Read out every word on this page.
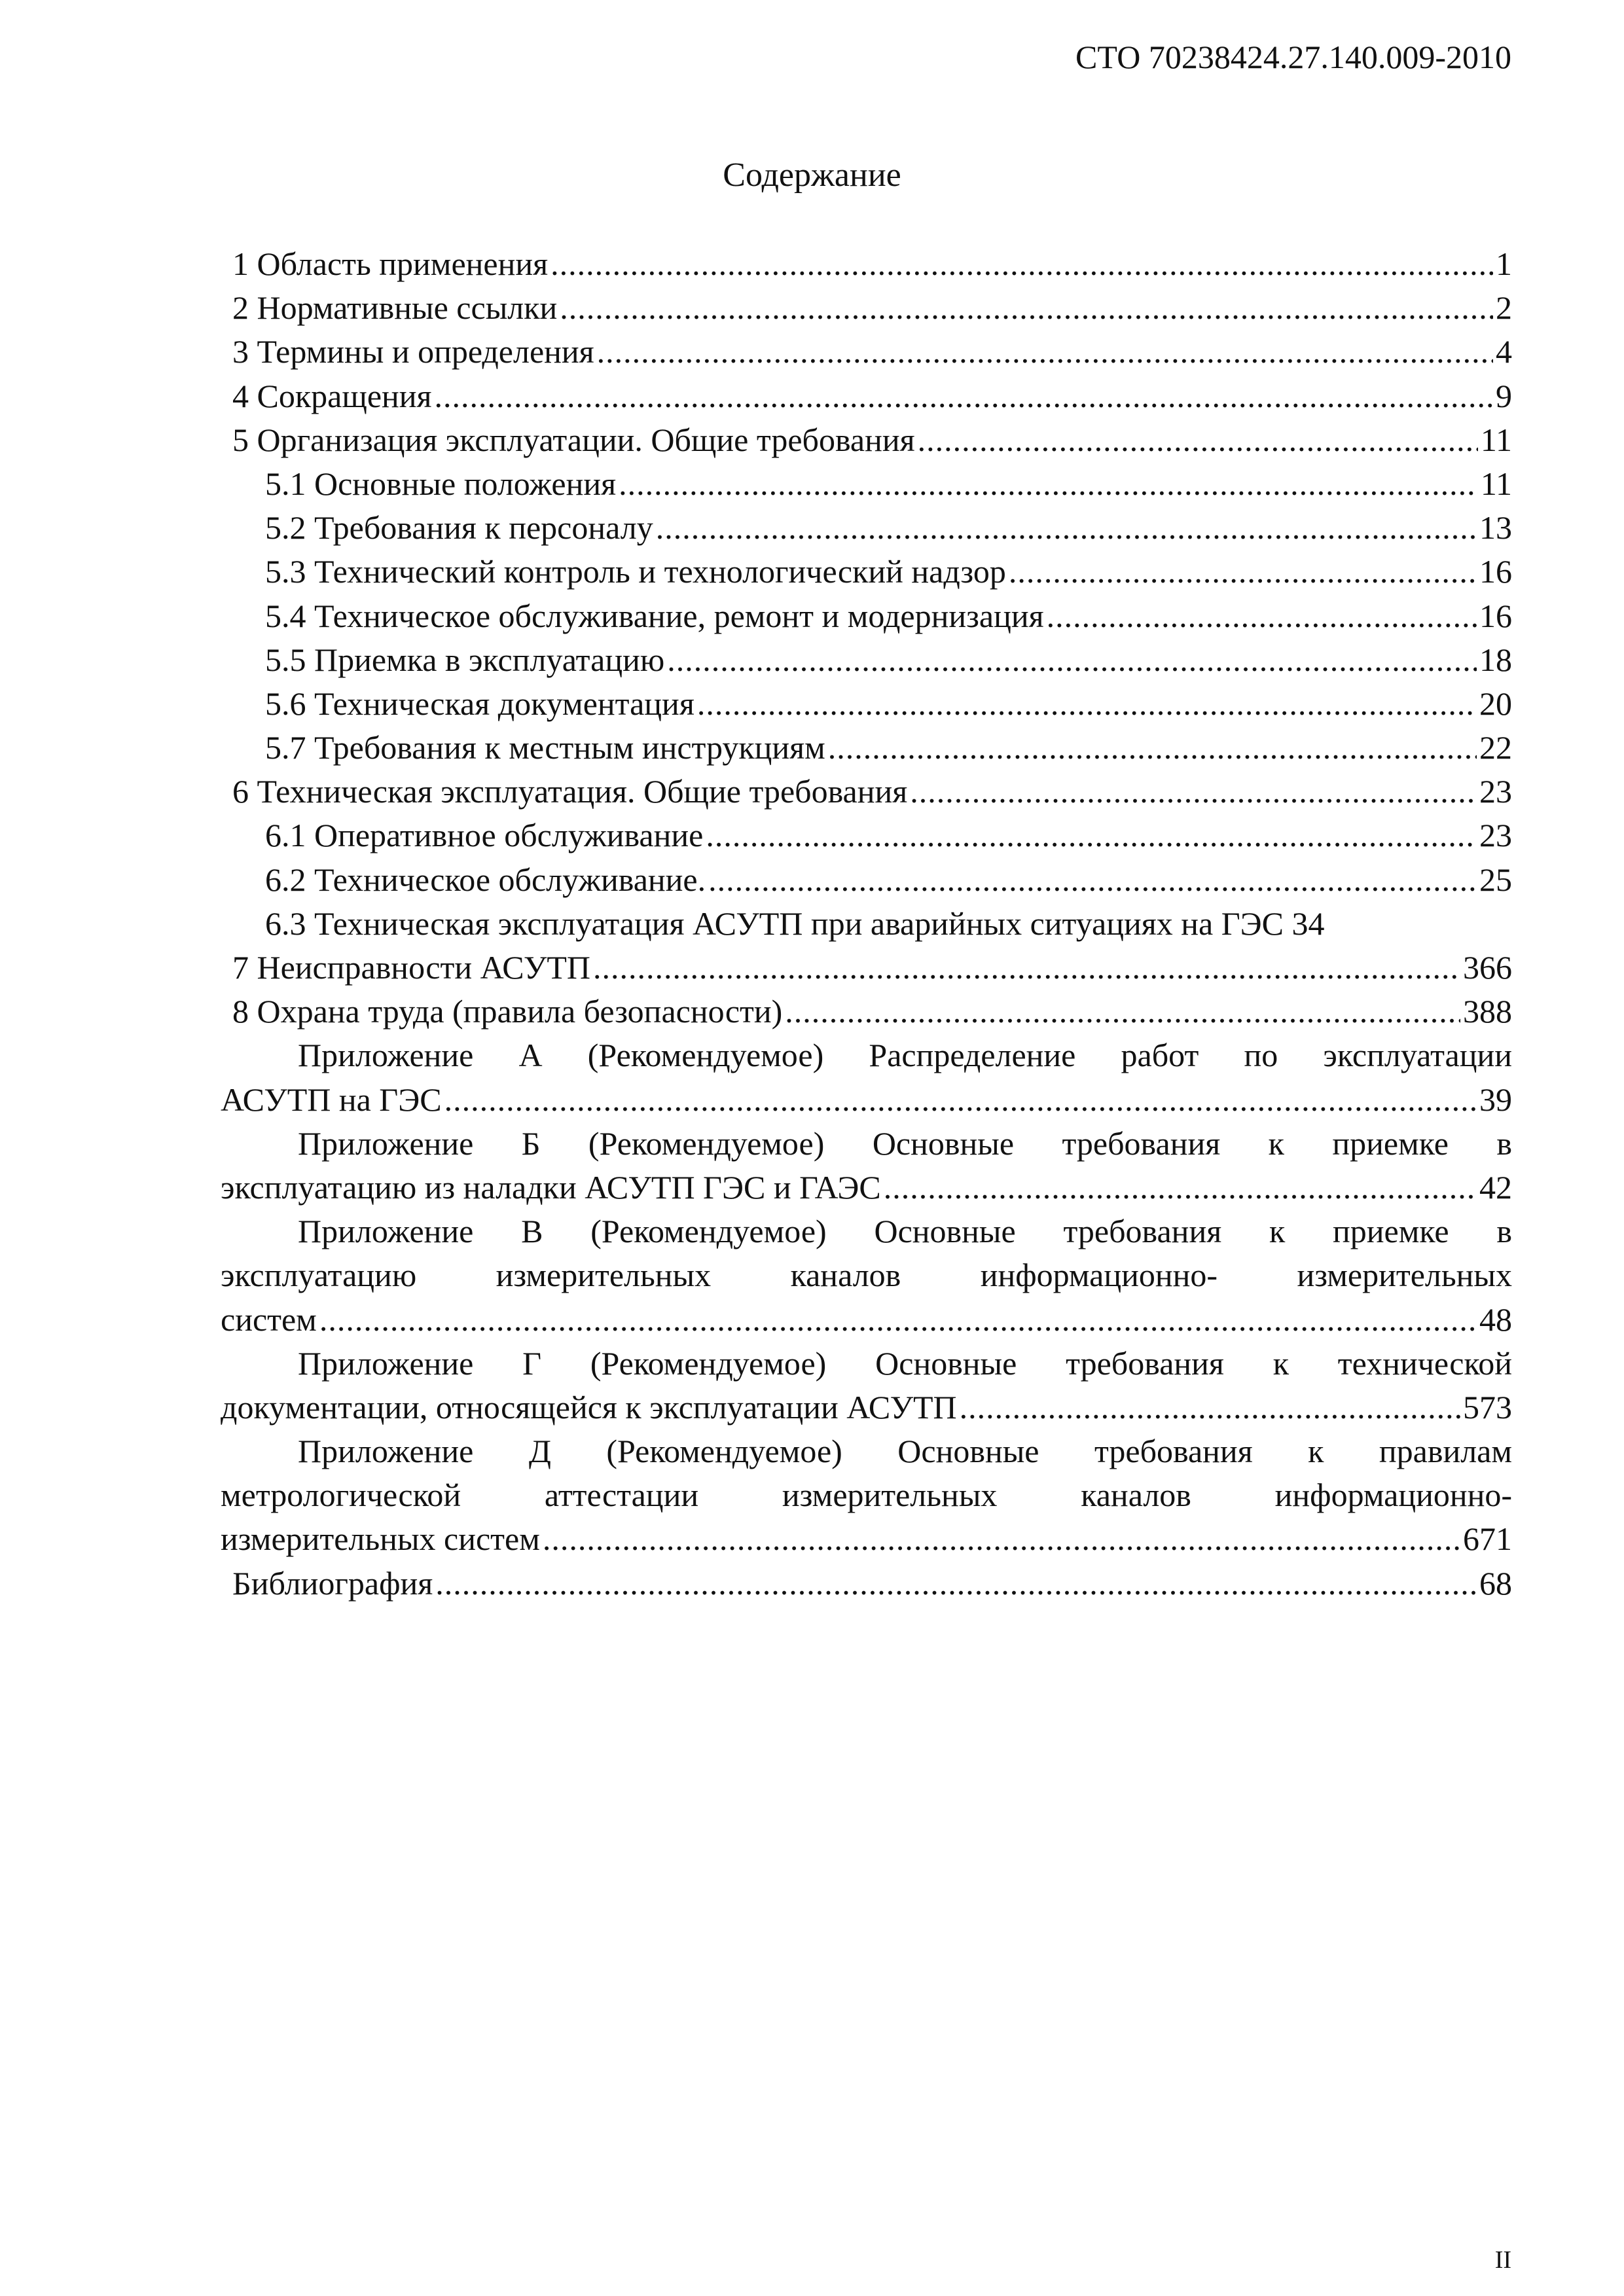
СТО 70238424.27.140.009-2010
Содержание
1 Область применения .....	1
2 Нормативные ссылки .....	2
3 Термины и определения .....	4
4 Сокращения .....	9
5 Организация эксплуатации. Общие требования .....	11
5.1 Основные положения .....	11
5.2 Требования к персоналу .....	13
5.3 Технический контроль и технологический надзор .....	16
5.4 Техническое обслуживание, ремонт и модернизация .....	16
5.5 Приемка в эксплуатацию .....	18
5.6 Техническая документация .....	20
5.7 Требования к местным инструкциям .....	22
6 Техническая эксплуатация. Общие требования .....	23
6.1 Оперативное обслуживание .....	23
6.2 Техническое обслуживание. .....	25
6.3 Техническая эксплуатация АСУТП при аварийных ситуациях на ГЭС 34
7 Неисправности АСУТП .....	366
8 Охрана труда (правила безопасности) .....	388
Приложение А (Рекомендуемое) Распределение работ по эксплуатации
АСУТП на ГЭС .....	39
Приложение Б (Рекомендуемое) Основные требования к приемке в
эксплуатацию из наладки АСУТП ГЭС и ГАЭС .....	42
Приложение В (Рекомендуемое) Основные требования к приемке в
эксплуатацию измерительных каналов информационно- измерительных
систем .....	48
Приложение Г (Рекомендуемое) Основные требования к технической
документации, относящейся к эксплуатации АСУТП .....	573
Приложение Д (Рекомендуемое) Основные требования к правилам
метрологической аттестации измерительных каналов информационно-
измерительных систем .....	671
Библиография .....	68
II
